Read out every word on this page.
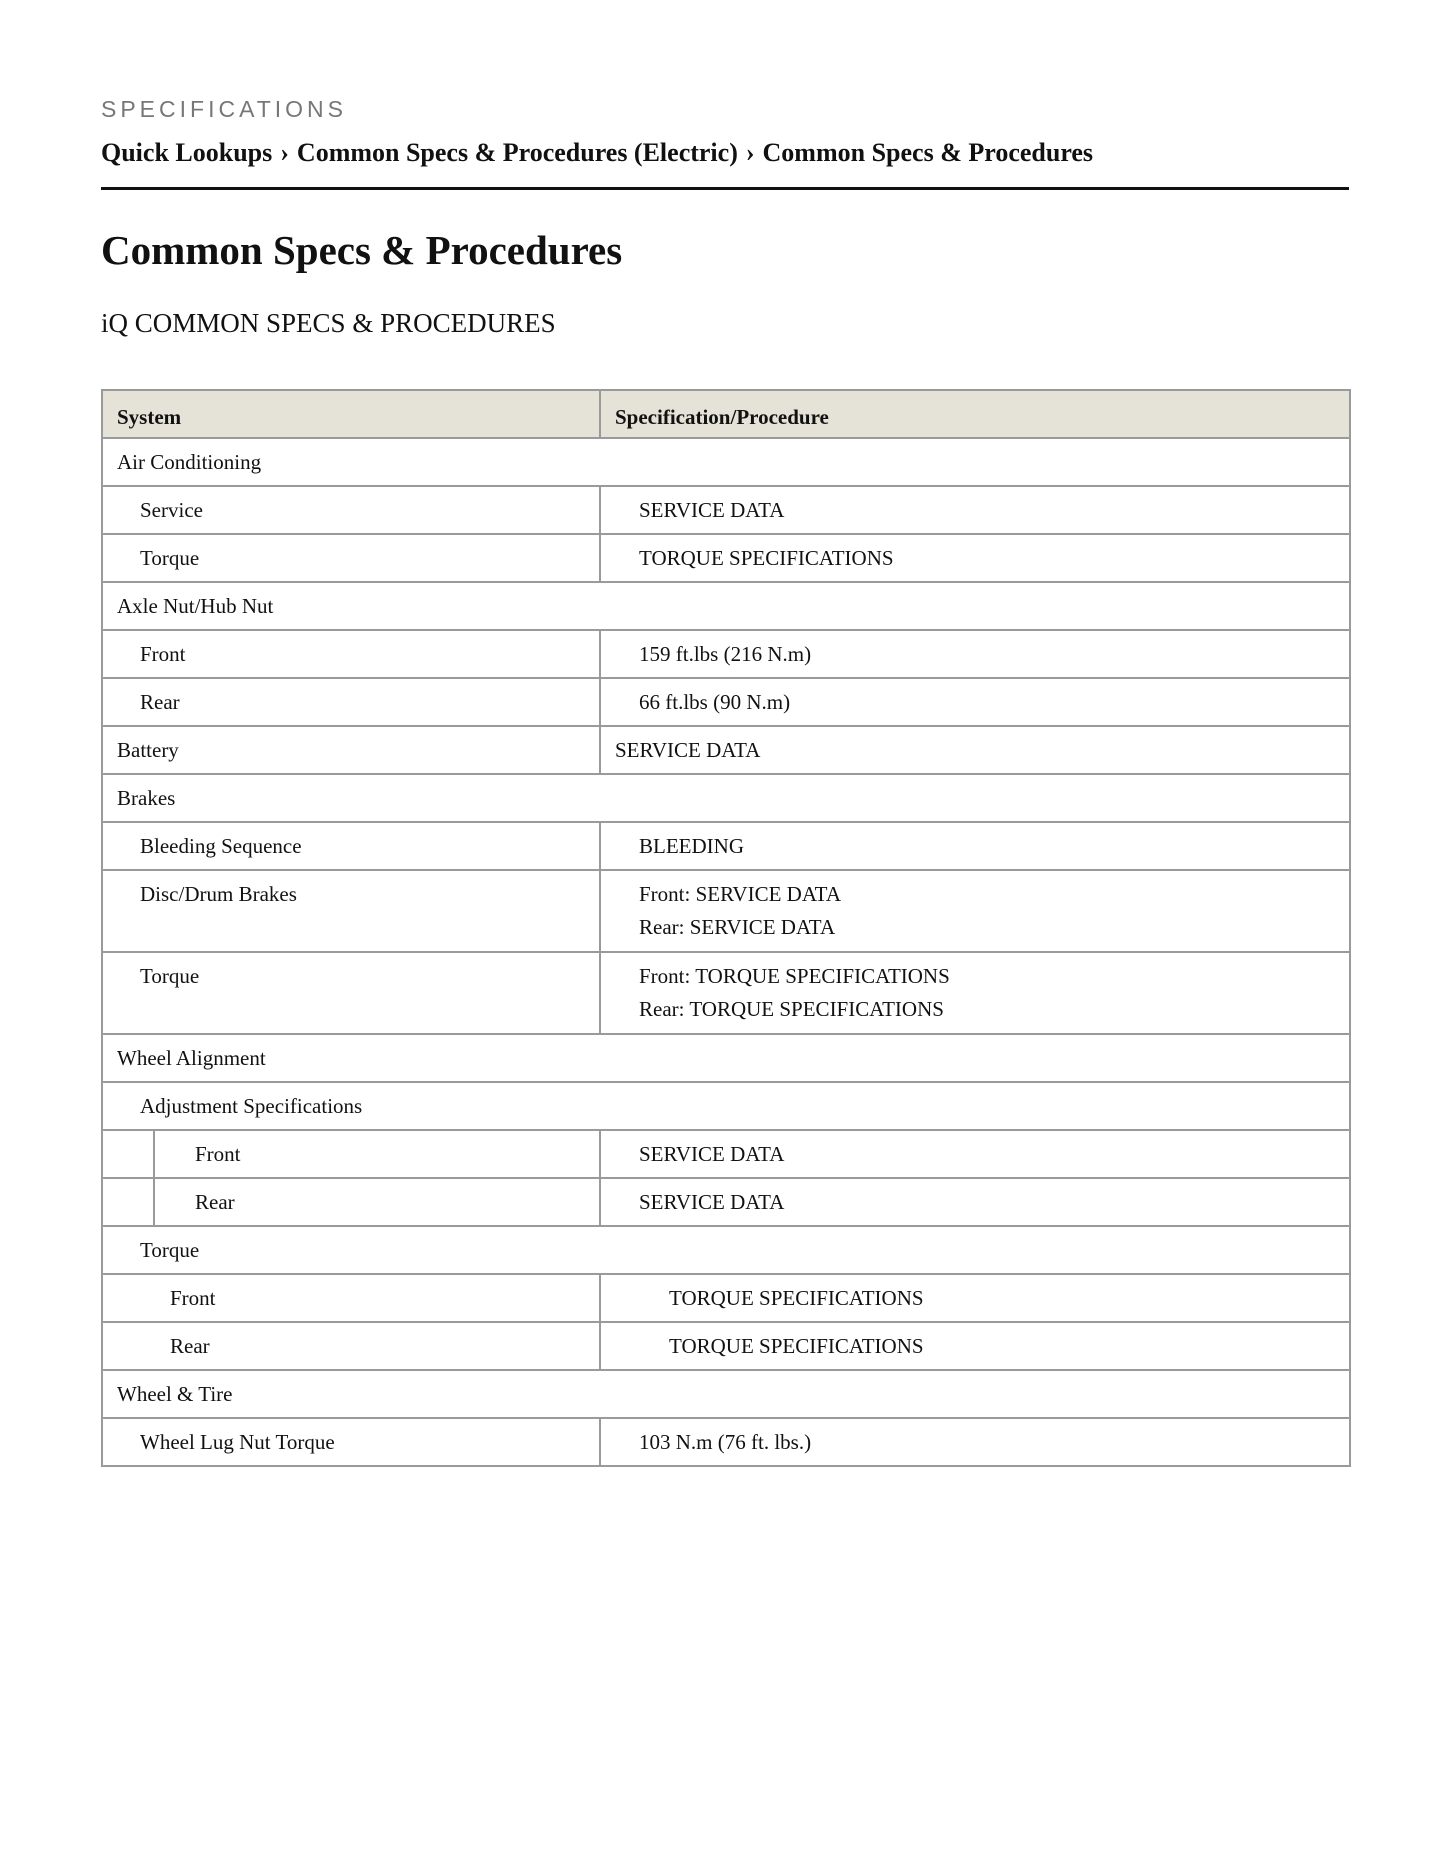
SPECIFICATIONS
Quick Lookups › Common Specs & Procedures (Electric) › Common Specs & Procedures
Common Specs & Procedures
iQ COMMON SPECS & PROCEDURES
System	Specification/Procedure
Air Conditioning	
Service	SERVICE DATA
Torque	TORQUE SPECIFICATIONS
Axle Nut/Hub Nut	
Front	159 ft.lbs (216 N.m)
Rear	66 ft.lbs (90 N.m)
Battery	SERVICE DATA
Brakes	
Bleeding Sequence	BLEEDING
Disc/Drum Brakes	Front: SERVICE DATA
Rear: SERVICE DATA

Torque	Front: TORQUE SPECIFICATIONS
Rear: TORQUE SPECIFICATIONS

Wheel Alignment	
Adjustment Specifications	

Front	SERVICE DATA

Rear	SERVICE DATA
Torque	
Front	TORQUE SPECIFICATIONS
Rear	TORQUE SPECIFICATIONS
Wheel & Tire	
Wheel Lug Nut Torque	103 N.m (76 ft. lbs.)
